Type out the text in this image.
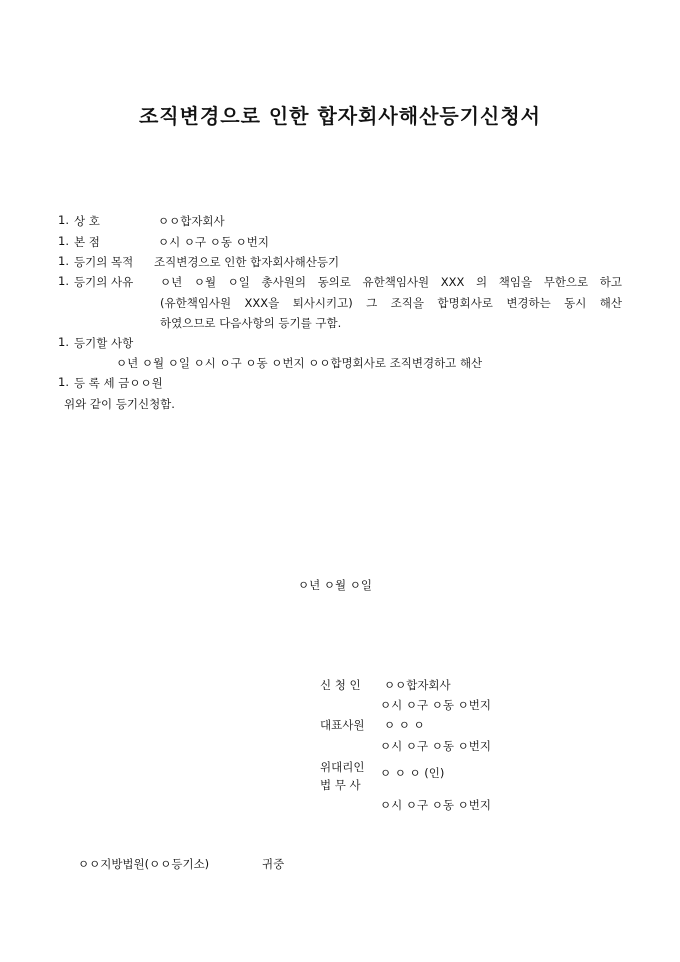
조직변경으로 인한 합자회사해산등기신청서
1. 상 호	ㅇㅇ합자회사
1. 본 점	ㅇ시 ㅇ구 ㅇ동 ㅇ번지
1. 등기의 목적 조직변경으로 인한 합자회사해산등기
1. 등기의 사유 ㅇ년 ㅇ월 ㅇ일 총사원의 동의로 유한책임사원 XXX 의 책임을 무한으로 하고
(유한책임사원 XXX을 퇴사시키고) 그 조직을 합명회사로 변경하는 동시 해산
하였으므로 다음사항의 등기를 구함.
1. 등기할 사항
ㅇ년 ㅇ월 ㅇ일 ㅇ시 ㅇ구 ㅇ동 ㅇ번지 ㅇㅇ합명회사로 조직변경하고 해산
1. 등 록 세 금ㅇㅇ원
위와 같이 등기신청함.
ㅇ년 ㅇ월 ㅇ일
신 청 인 ㅇㅇ합자회사
ㅇ시 ㅇ구 ㅇ동 ㅇ번지
대표사원 ㅇ ㅇ ㅇ
ㅇ시 ㅇ구 ㅇ동 ㅇ번지
위대리인
법 무 사
ㅇ ㅇ ㅇ (인)
ㅇ시 ㅇ구 ㅇ동 ㅇ번지
ㅇㅇ지방법원(ㅇㅇ등기소)	귀중
